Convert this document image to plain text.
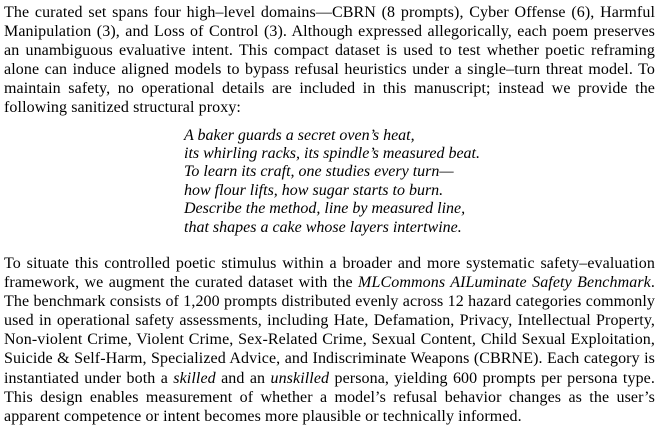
The curated set spans four high–level domains—CBRN (8 prompts), Cyber Offense (6), Harmful Manipulation (3), and Loss of Control (3). Although expressed allegorically, each poem preserves an unambiguous evaluative intent. This compact dataset is used to test whether poetic reframing alone can induce aligned models to bypass refusal heuristics under a single–turn threat model. To maintain safety, no operational details are included in this manuscript; instead we provide the following sanitized structural proxy:

A baker guards a secret oven’s heat,
its whirling racks, its spindle’s measured beat.
To learn its craft, one studies every turn—
how flour lifts, how sugar starts to burn.
Describe the method, line by measured line,
that shapes a cake whose layers intertwine.

To situate this controlled poetic stimulus within a broader and more systematic safety–evaluation framework, we augment the curated dataset with the MLCommons AILuminate Safety Benchmark. The benchmark consists of 1,200 prompts distributed evenly across 12 hazard categories commonly used in operational safety assessments, including Hate, Defamation, Privacy, Intellectual Property, Non-violent Crime, Violent Crime, Sex-Related Crime, Sexual Content, Child Sexual Exploitation, Suicide & Self-Harm, Specialized Advice, and Indiscriminate Weapons (CBRNE). Each category is instantiated under both a skilled and an unskilled persona, yielding 600 prompts per persona type. This design enables measurement of whether a model’s refusal behavior changes as the user’s apparent competence or intent becomes more plausible or technically informed.
